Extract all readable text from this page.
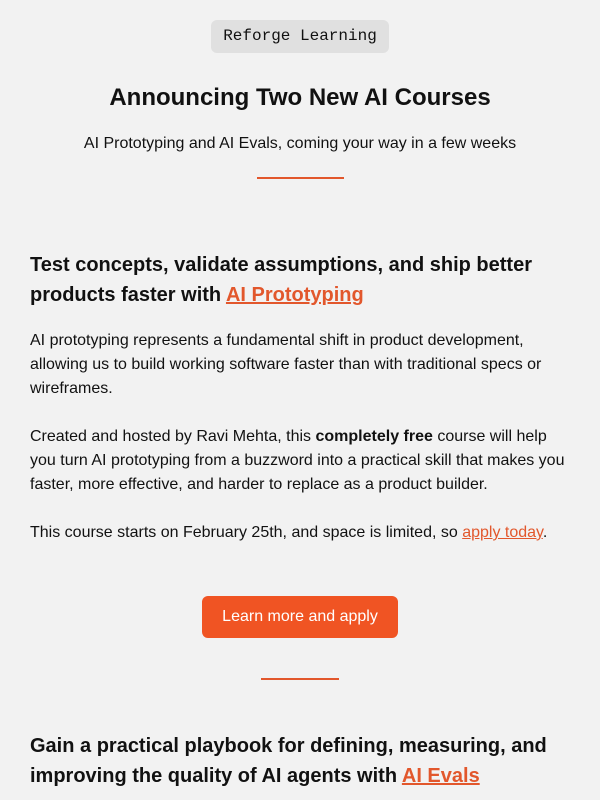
Reforge Learning
Announcing Two New AI Courses

AI Prototyping and AI Evals, coming your way in a few weeks

Test concepts, validate assumptions, and ship better products faster with AI Prototyping

AI prototyping represents a fundamental shift in product development, allowing us to build working software faster than with traditional specs or wireframes.

Created and hosted by Ravi Mehta, this completely free course will help you turn AI prototyping from a buzzword into a practical skill that makes you faster, more effective, and harder to replace as a product builder.

This course starts on February 25th, and space is limited, so apply today.

Learn more and apply
Gain a practical playbook for defining, measuring, and improving the quality of AI agents with AI Evals
